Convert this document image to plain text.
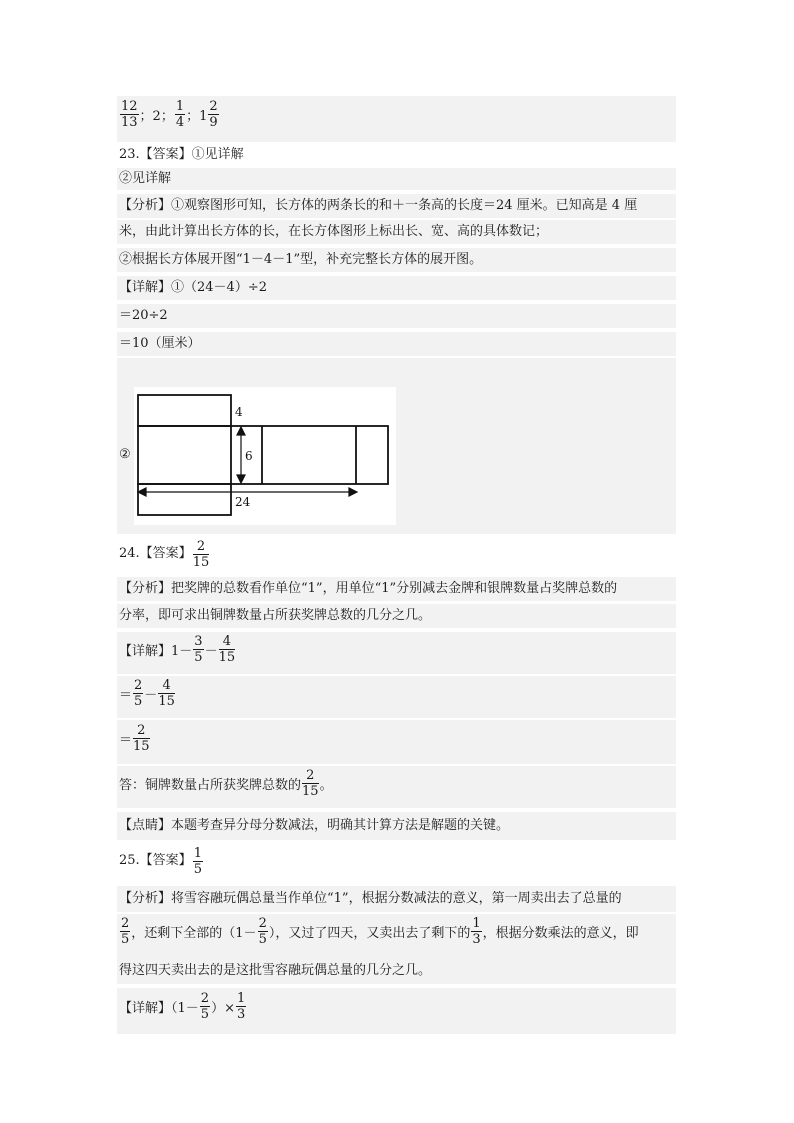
$\frac{12}{13}$ ；2； $\frac{1}{4}$ ；$1 \frac{2}{9}$
23.【答案】①见详解
②见详解
【分析】①观察图形可知，长方体的两条长的和＋一条高的长度＝24 厘米。已知高是 4 厘
米，由此计算出长方体的长，在长方体图形上标出长、宽、高的具体数记；
②根据长方体展开图“1－4－1”型，补充完整长方体的展开图。
【详解】①（24－4）÷2
＝20÷2
＝10（厘米）
②
4
6
24
24.【答案】 $\frac{2}{15}$
【分析】把奖牌的总数看作单位“1”，用单位“1”分别减去金牌和银牌数量占奖牌总数的
分率，即可求出铜牌数量占所获奖牌总数的几分之几。
【详解】$1- \frac{3}{5} - \frac{4}{15}$
＝ $\frac{2}{5} - \frac{4}{15}$
＝ $\frac{2}{15}$
答：铜牌数量占所获奖牌总数的 $\frac{2}{15}$ 。
【点睛】本题考查异分母分数减法，明确其计算方法是解题的关键。
25.【答案】 $\frac{1}{5}$
【分析】将雪容融玩偶总量当作单位“1”，根据分数减法的意义，第一周卖出去了总量的
$\frac{2}{5}$ ，还剩下全部的（$1- \frac{2}{5}$ ），又过了四天，又卖出去了剩下的 $\frac{1}{3}$ ，根据分数乘法的意义，即
得这四天卖出去的是这批雪容融玩偶总量的几分之几。
【详解】（$1- \frac{2}{5}$ ）× $\frac{1}{3}$
